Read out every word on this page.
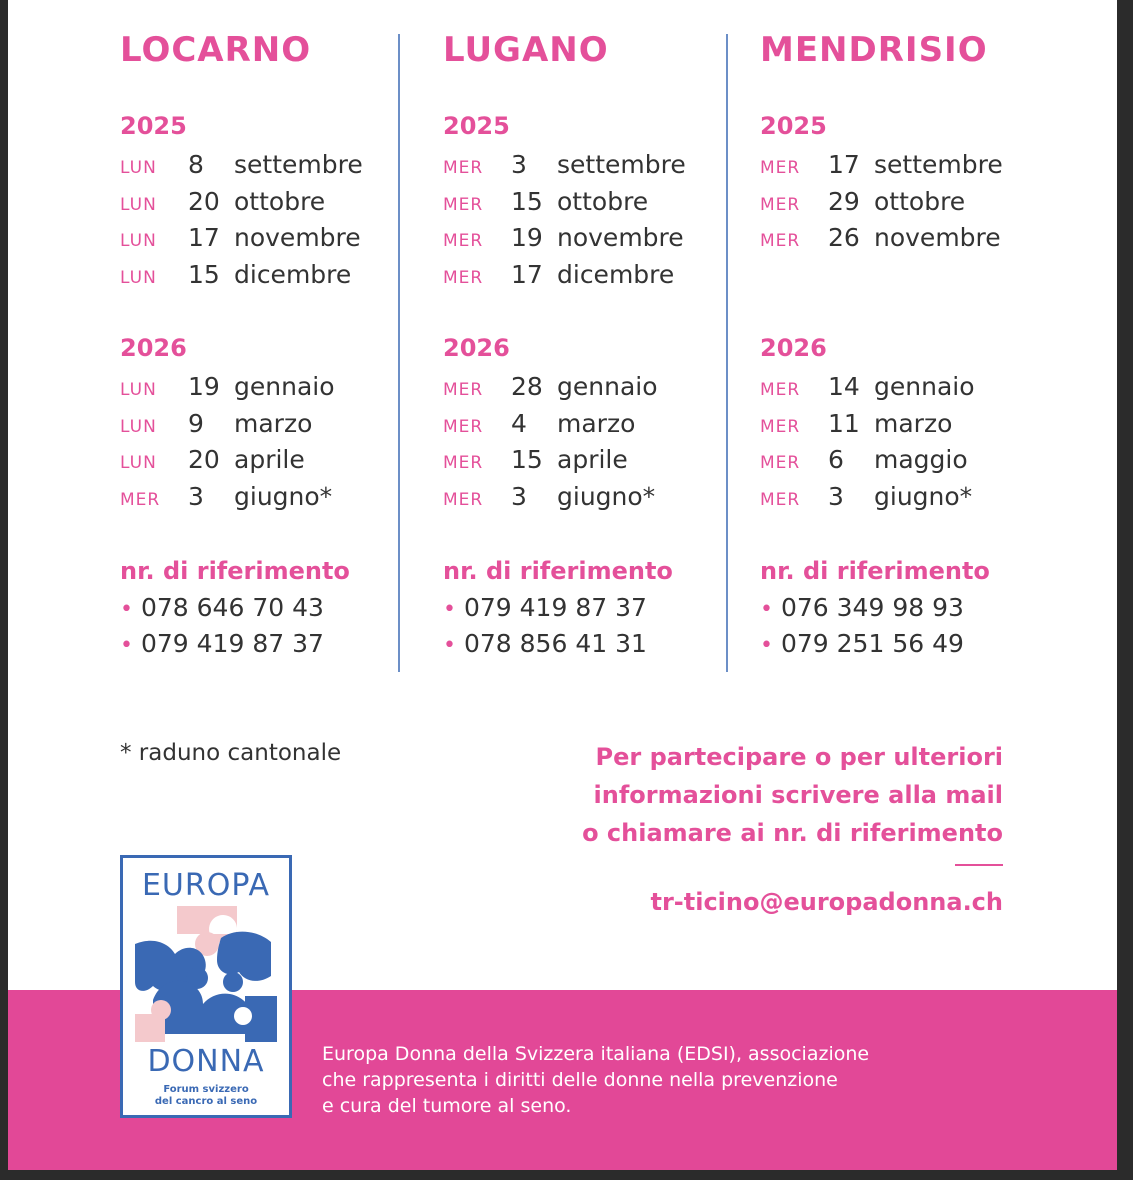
LOCARNO
2025
LUN 8 settembre
LUN 20 ottobre
LUN 17 novembre
LUN 15 dicembre
2026
LUN 19 gennaio
LUN 9 marzo
LUN 20 aprile
MER 3 giugno*
nr. di riferimento
• 078 646 70 43
• 079 419 87 37
LUGANO
2025
MER 3 settembre
MER 15 ottobre
MER 19 novembre
MER 17 dicembre
2026
MER 28 gennaio
MER 4 marzo
MER 15 aprile
MER 3 giugno*
nr. di riferimento
• 079 419 87 37
• 078 856 41 31
MENDRISIO
2025
MER 17 settembre
MER 29 ottobre
MER 26 novembre
2026
MER 14 gennaio
MER 11 marzo
MER 6 maggio
MER 3 giugno*
nr. di riferimento
• 076 349 98 93
• 079 251 56 49
* raduno cantonale	Per partecipare o per ulteriori
informazioni scrivere alla mail
o chiamare ai nr. di riferimento
tr-ticino@europadonna.ch
Europa Donna della Svizzera italiana (EDSI), associazione
che rappresenta i diritti delle donne nella prevenzione
e cura del tumore al seno.
EUROPA
DONNA
Forum svizzero
del cancro al seno
